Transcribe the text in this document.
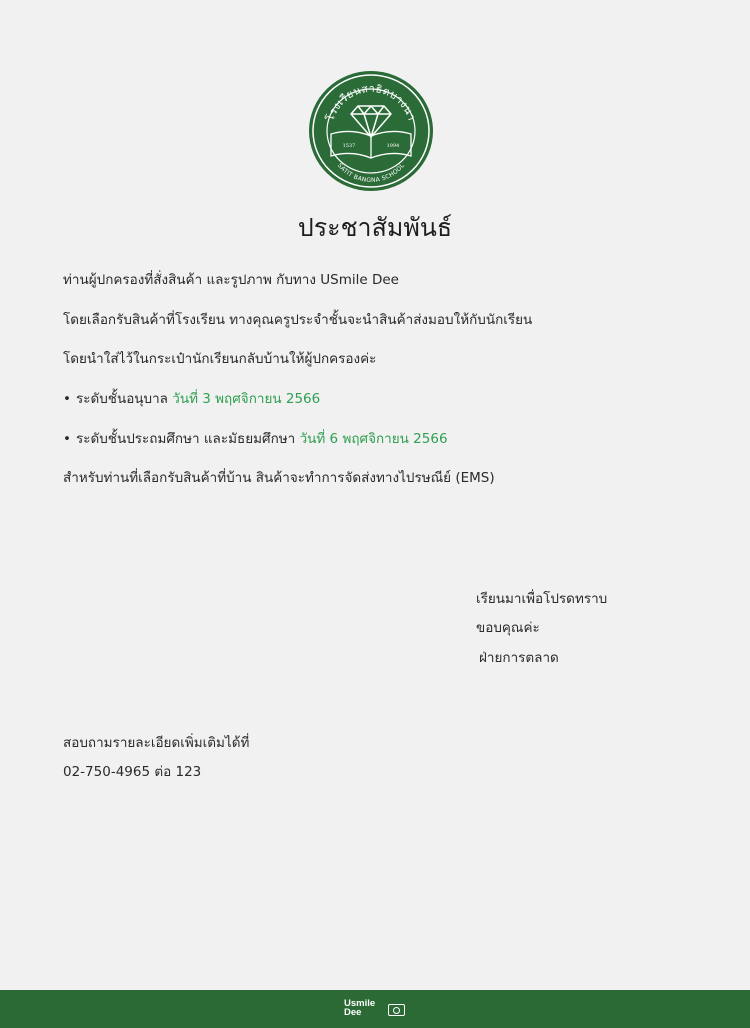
โรงเรียนสาธิตบางนา
SATIT BANGNA SCHOOL
1537	1994
ประชาสัมพันธ์
ท่านผู้ปกครองที่สั่งสินค้า และรูปภาพ กับทาง USmile Dee
โดยเลือกรับสินค้าที่โรงเรียน ทางคุณครูประจำชั้นจะนำสินค้าส่งมอบให้กับนักเรียน
โดยนำใส่ไว้ในกระเป๋านักเรียนกลับบ้านให้ผู้ปกครองค่ะ
• ระดับชั้นอนุบาล วันที่ 3 พฤศจิกายน 2566
• ระดับชั้นประถมศึกษา และมัธยมศึกษา วันที่ 6 พฤศจิกายน 2566
สำหรับท่านที่เลือกรับสินค้าที่บ้าน สินค้าจะทำการจัดส่งทางไปรษณีย์ (EMS)
เรียนมาเพื่อโปรดทราบ
ขอบคุณค่ะ
ฝ่ายการตลาด
สอบถามรายละเอียดเพิ่มเติมได้ที่
02-750-4965 ต่อ 123
Usmile
Dee
